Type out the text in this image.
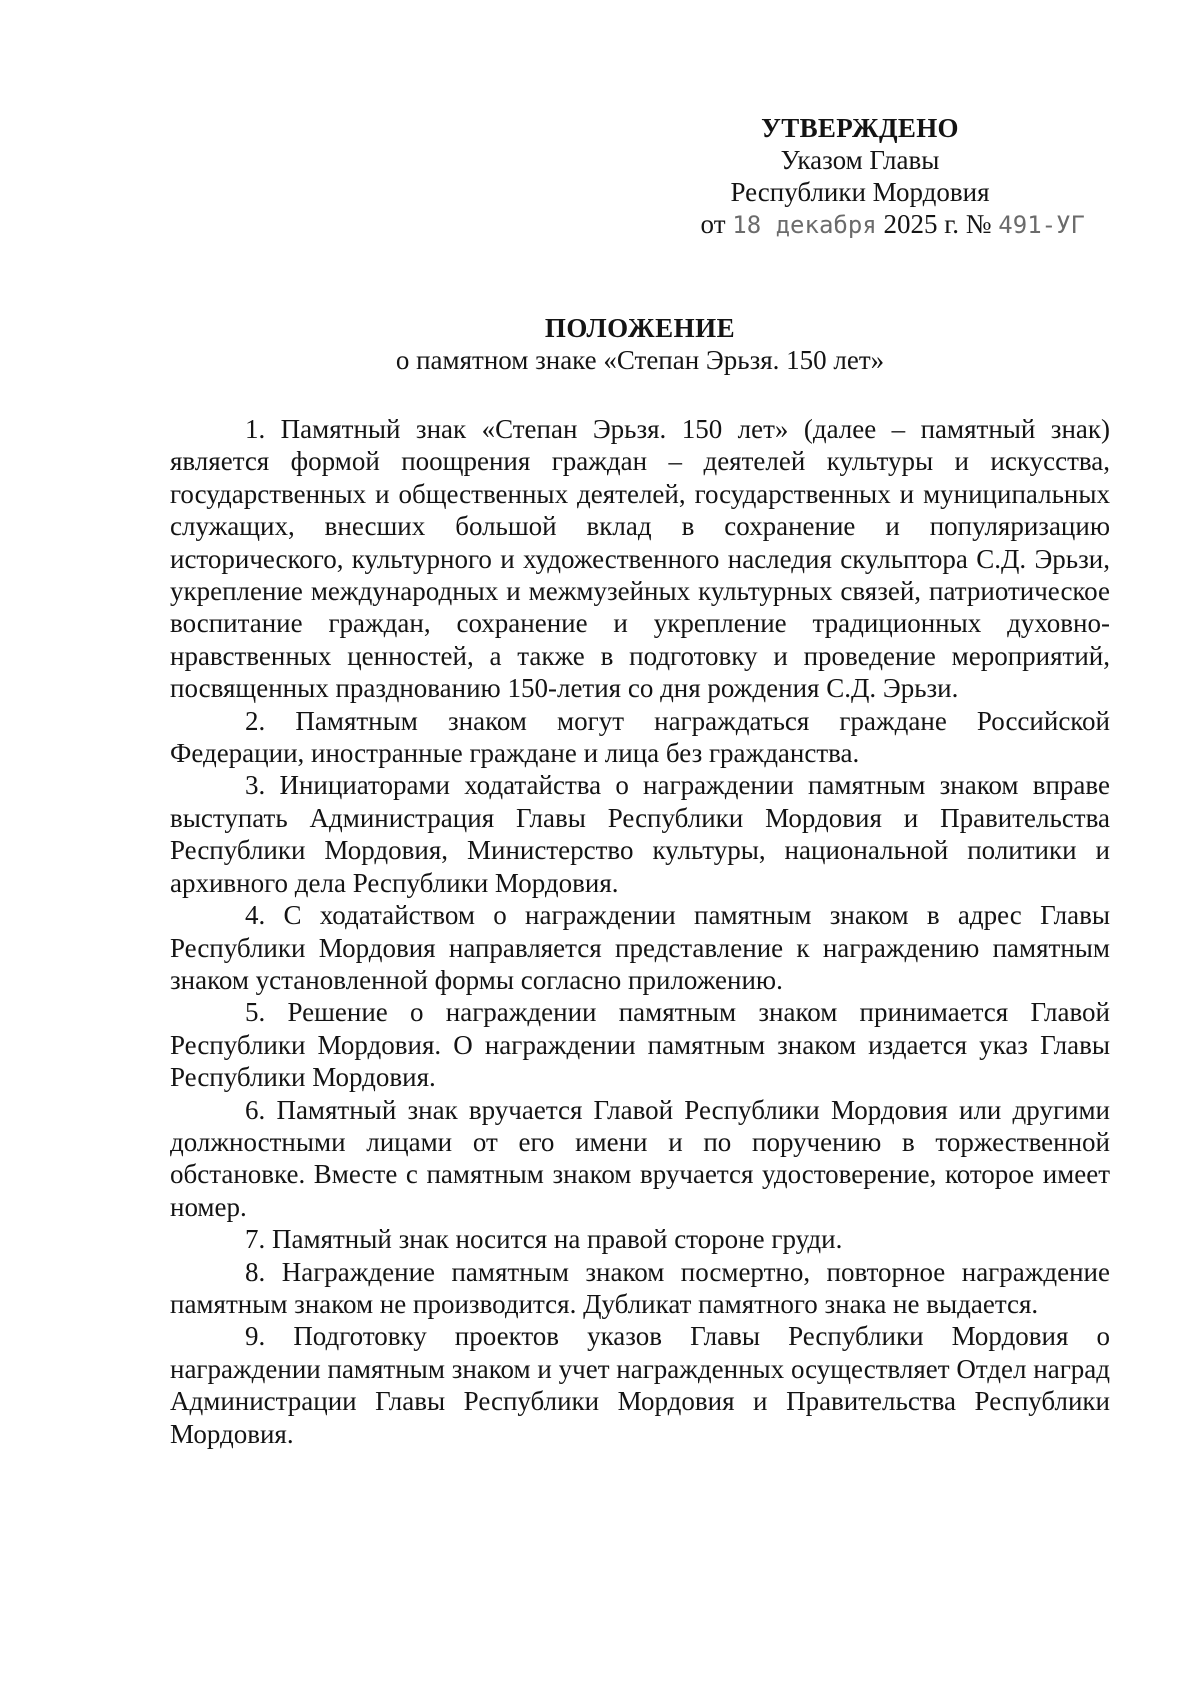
УТВЕРЖДЕНО
Указом Главы
Республики Мордовия
от 18 декабря 2025 г. № 491-УГ
ПОЛОЖЕНИЕ
о памятном знаке «Степан Эрьзя. 150 лет»

1. Памятный знак «Степан Эрьзя. 150 лет» (далее – памятный знак) является формой поощрения граждан – деятелей культуры и искусства, государственных и общественных деятелей, государственных и муниципальных служащих, внесших большой вклад в сохранение и популяризацию исторического, культурного и художественного наследия скульптора С.Д. Эрьзи, укрепление международных и межмузейных культурных связей, патриотическое воспитание граждан, сохранение и укрепление традиционных духовно-нравственных ценностей, а также в подготовку и проведение мероприятий, посвященных празднованию 150-летия со дня рождения С.Д. Эрьзи.

2. Памятным знаком могут награждаться граждане Российской Федерации, иностранные граждане и лица без гражданства.

3. Инициаторами ходатайства о награждении памятным знаком вправе выступать Администрация Главы Республики Мордовия и Правительства Республики Мордовия, Министерство культуры, национальной политики и архивного дела Республики Мордовия.

4. С ходатайством о награждении памятным знаком в адрес Главы Республики Мордовия направляется представление к награждению памятным знаком установленной формы согласно приложению.

5. Решение о награждении памятным знаком принимается Главой Республики Мордовия. О награждении памятным знаком издается указ Главы Республики Мордовия.

6. Памятный знак вручается Главой Республики Мордовия или другими должностными лицами от его имени и по поручению в торжественной обстановке. Вместе с памятным знаком вручается удостоверение, которое имеет номер.

7. Памятный знак носится на правой стороне груди.

8. Награждение памятным знаком посмертно, повторное награждение памятным знаком не производится. Дубликат памятного знака не выдается.

9. Подготовку проектов указов Главы Республики Мордовия о награждении памятным знаком и учет награжденных осуществляет Отдел наград Администрации Главы Республики Мордовия и Правительства Республики Мордовия.
